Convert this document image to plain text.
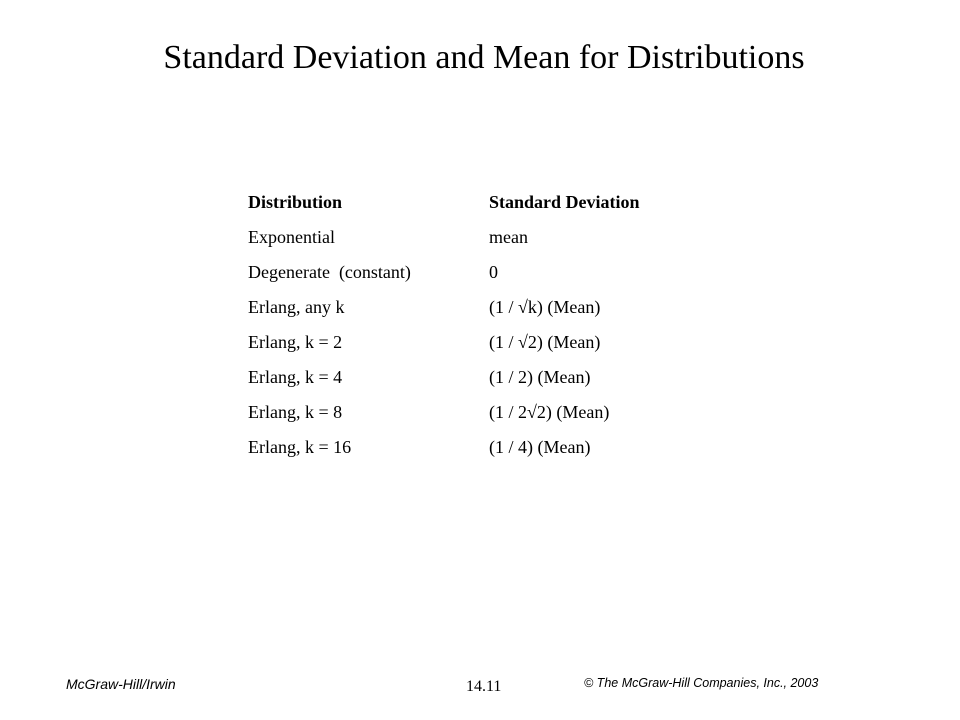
Standard Deviation and Mean for Distributions
Distribution	Standard Deviation
Exponential	mean
Degenerate  (constant)	0
Erlang, any k	(1 / √k) (Mean)
Erlang, k = 2	(1 / √2) (Mean)
Erlang, k = 4	(1 / 2) (Mean)
Erlang, k = 8	(1 / 2√2) (Mean)
Erlang, k = 16	(1 / 4) (Mean)
McGraw-Hill/Irwin	14.11	© The McGraw-Hill Companies, Inc., 2003
